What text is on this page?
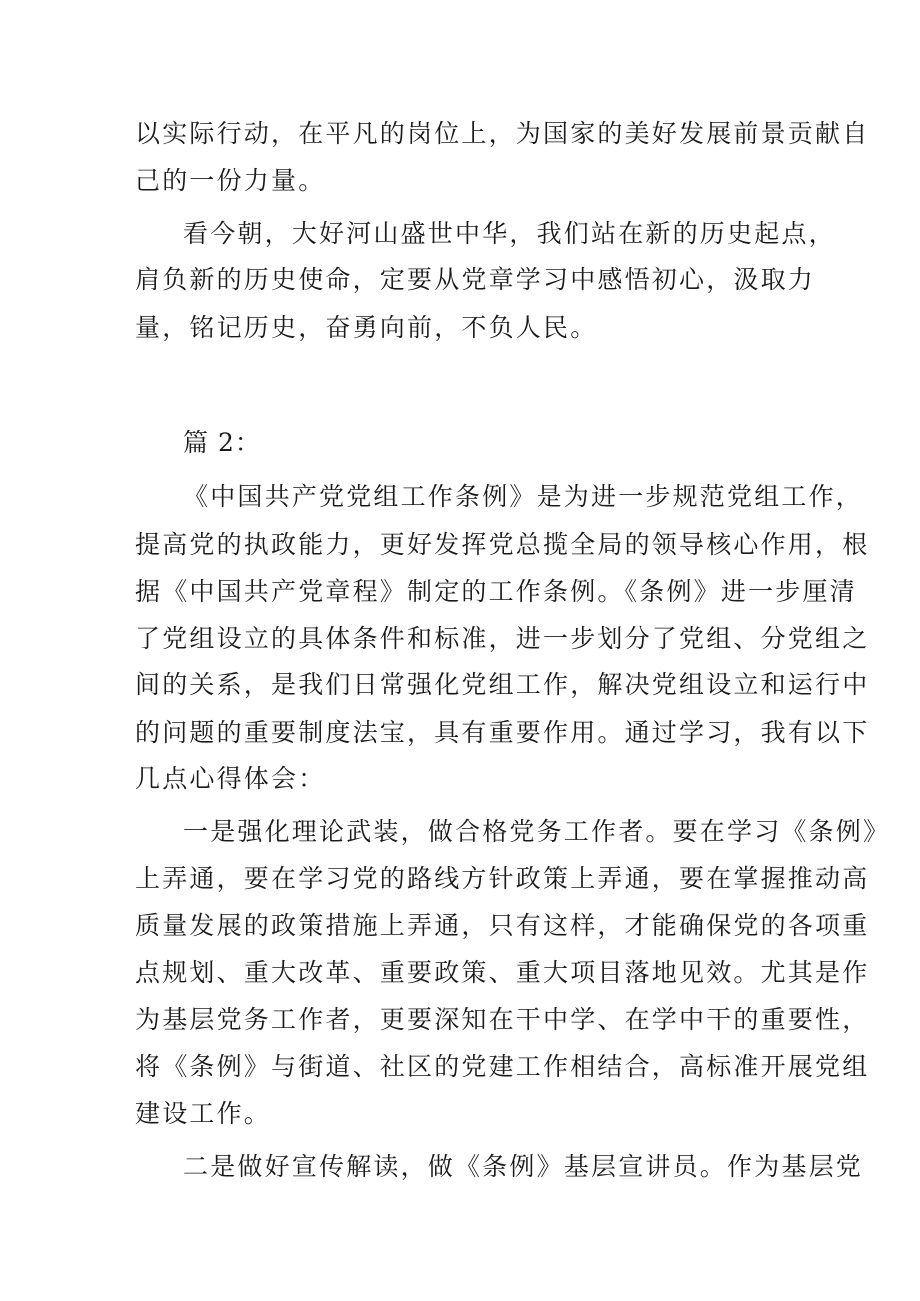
以实际行动，在平凡的岗位上，为国家的美好发展前景贡献自
己的一份力量。
看今朝，大好河山盛世中华，我们站在新的历史起点，
肩负新的历史使命，定要从党章学习中感悟初心，汲取力
量，铭记历史，奋勇向前，不负人民。
篇 2：
《中国共产党党组工作条例》是为进一步规范党组工作，
提高党的执政能力，更好发挥党总揽全局的领导核心作用，根
据《中国共产党章程》制定的工作条例。《条例》进一步厘清
了党组设立的具体条件和标准，进一步划分了党组、分党组之
间的关系，是我们日常强化党组工作，解决党组设立和运行中
的问题的重要制度法宝，具有重要作用。通过学习，我有以下
几点心得体会：
一是强化理论武装，做合格党务工作者。要在学习《条例》
上弄通，要在学习党的路线方针政策上弄通，要在掌握推动高
质量发展的政策措施上弄通，只有这样，才能确保党的各项重
点规划、重大改革、重要政策、重大项目落地见效。尤其是作
为基层党务工作者，更要深知在干中学、在学中干的重要性，
将《条例》与街道、社区的党建工作相结合，高标准开展党组
建设工作。
二是做好宣传解读，做《条例》基层宣讲员。作为基层党
